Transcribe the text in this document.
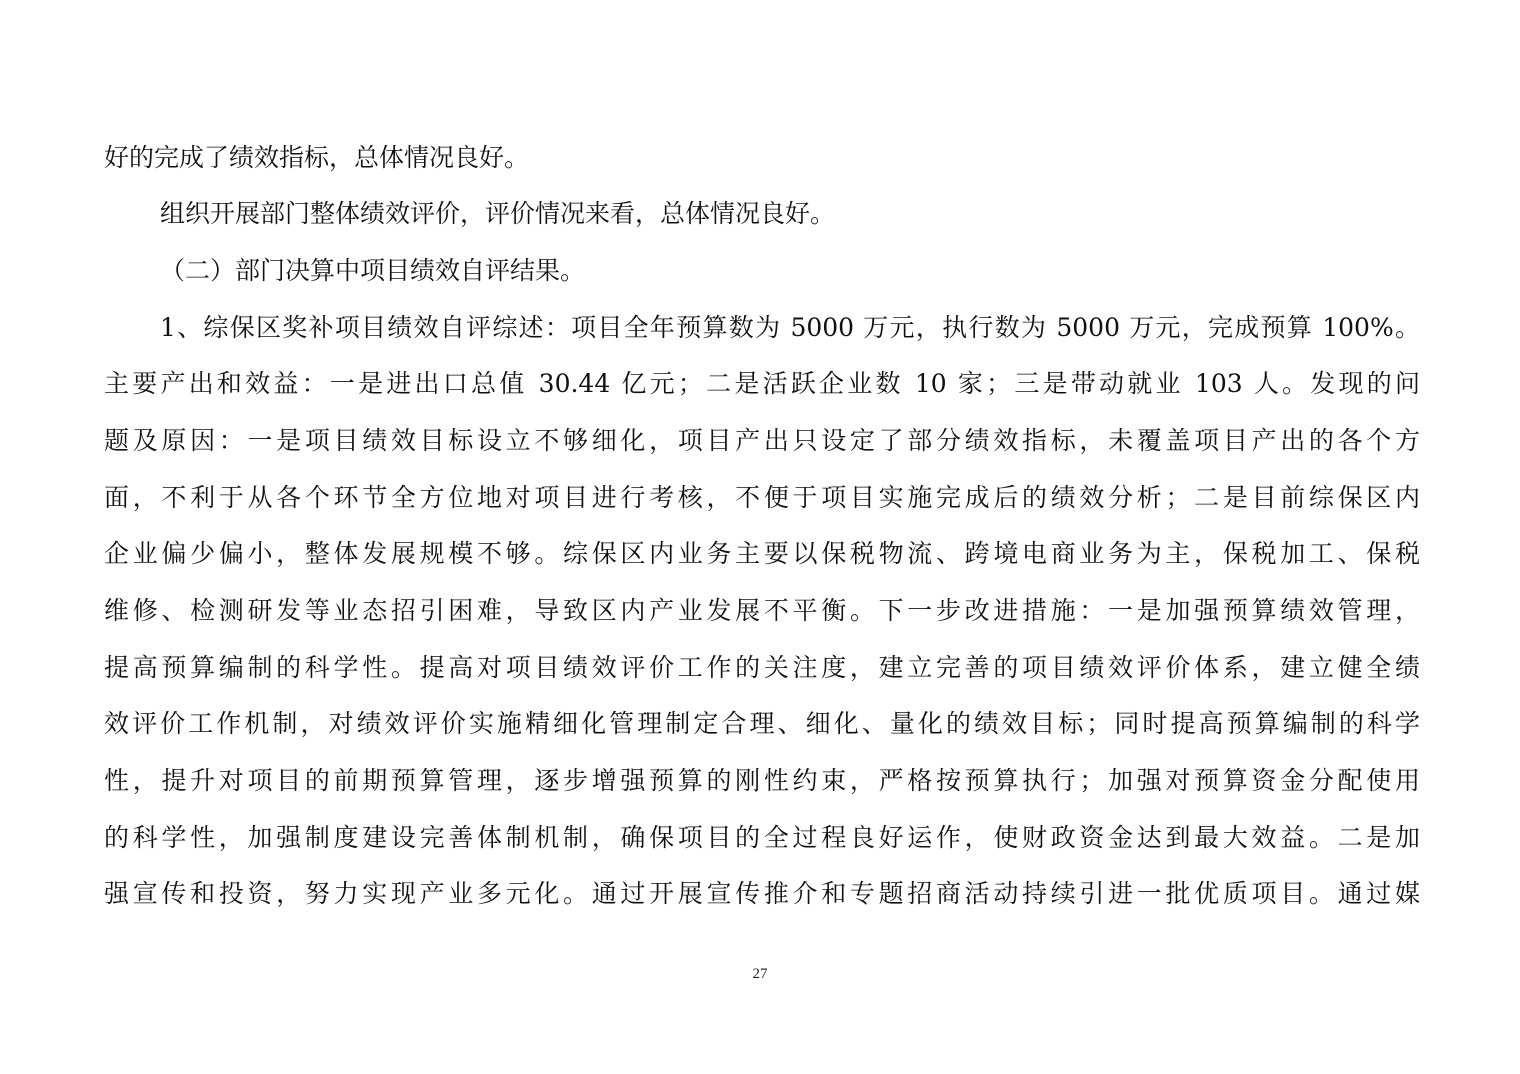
好的完成了绩效指标，总体情况良好。
组织开展部门整体绩效评价，评价情况来看，总体情况良好。
（二）部门决算中项目绩效自评结果。
1、综保区奖补项目绩效自评综述：项目全年预算数为 5000 万元，执行数为 5000 万元，完成预算 100%。
主要产出和效益：一是进出口总值 30.44 亿元；二是活跃企业数 10 家；三是带动就业 103 人。发现的问
题及原因：一是项目绩效目标设立不够细化，项目产出只设定了部分绩效指标，未覆盖项目产出的各个方
面，不利于从各个环节全方位地对项目进行考核，不便于项目实施完成后的绩效分析；二是目前综保区内
企业偏少偏小，整体发展规模不够。综保区内业务主要以保税物流、跨境电商业务为主，保税加工、保税
维修、检测研发等业态招引困难，导致区内产业发展不平衡。下一步改进措施：一是加强预算绩效管理，
提高预算编制的科学性。提高对项目绩效评价工作的关注度，建立完善的项目绩效评价体系，建立健全绩
效评价工作机制，对绩效评价实施精细化管理制定合理、细化、量化的绩效目标；同时提高预算编制的科学
性，提升对项目的前期预算管理，逐步增强预算的刚性约束，严格按预算执行；加强对预算资金分配使用
的科学性，加强制度建设完善体制机制，确保项目的全过程良好运作，使财政资金达到最大效益。二是加
强宣传和投资，努力实现产业多元化。通过开展宣传推介和专题招商活动持续引进一批优质项目。通过媒
27
